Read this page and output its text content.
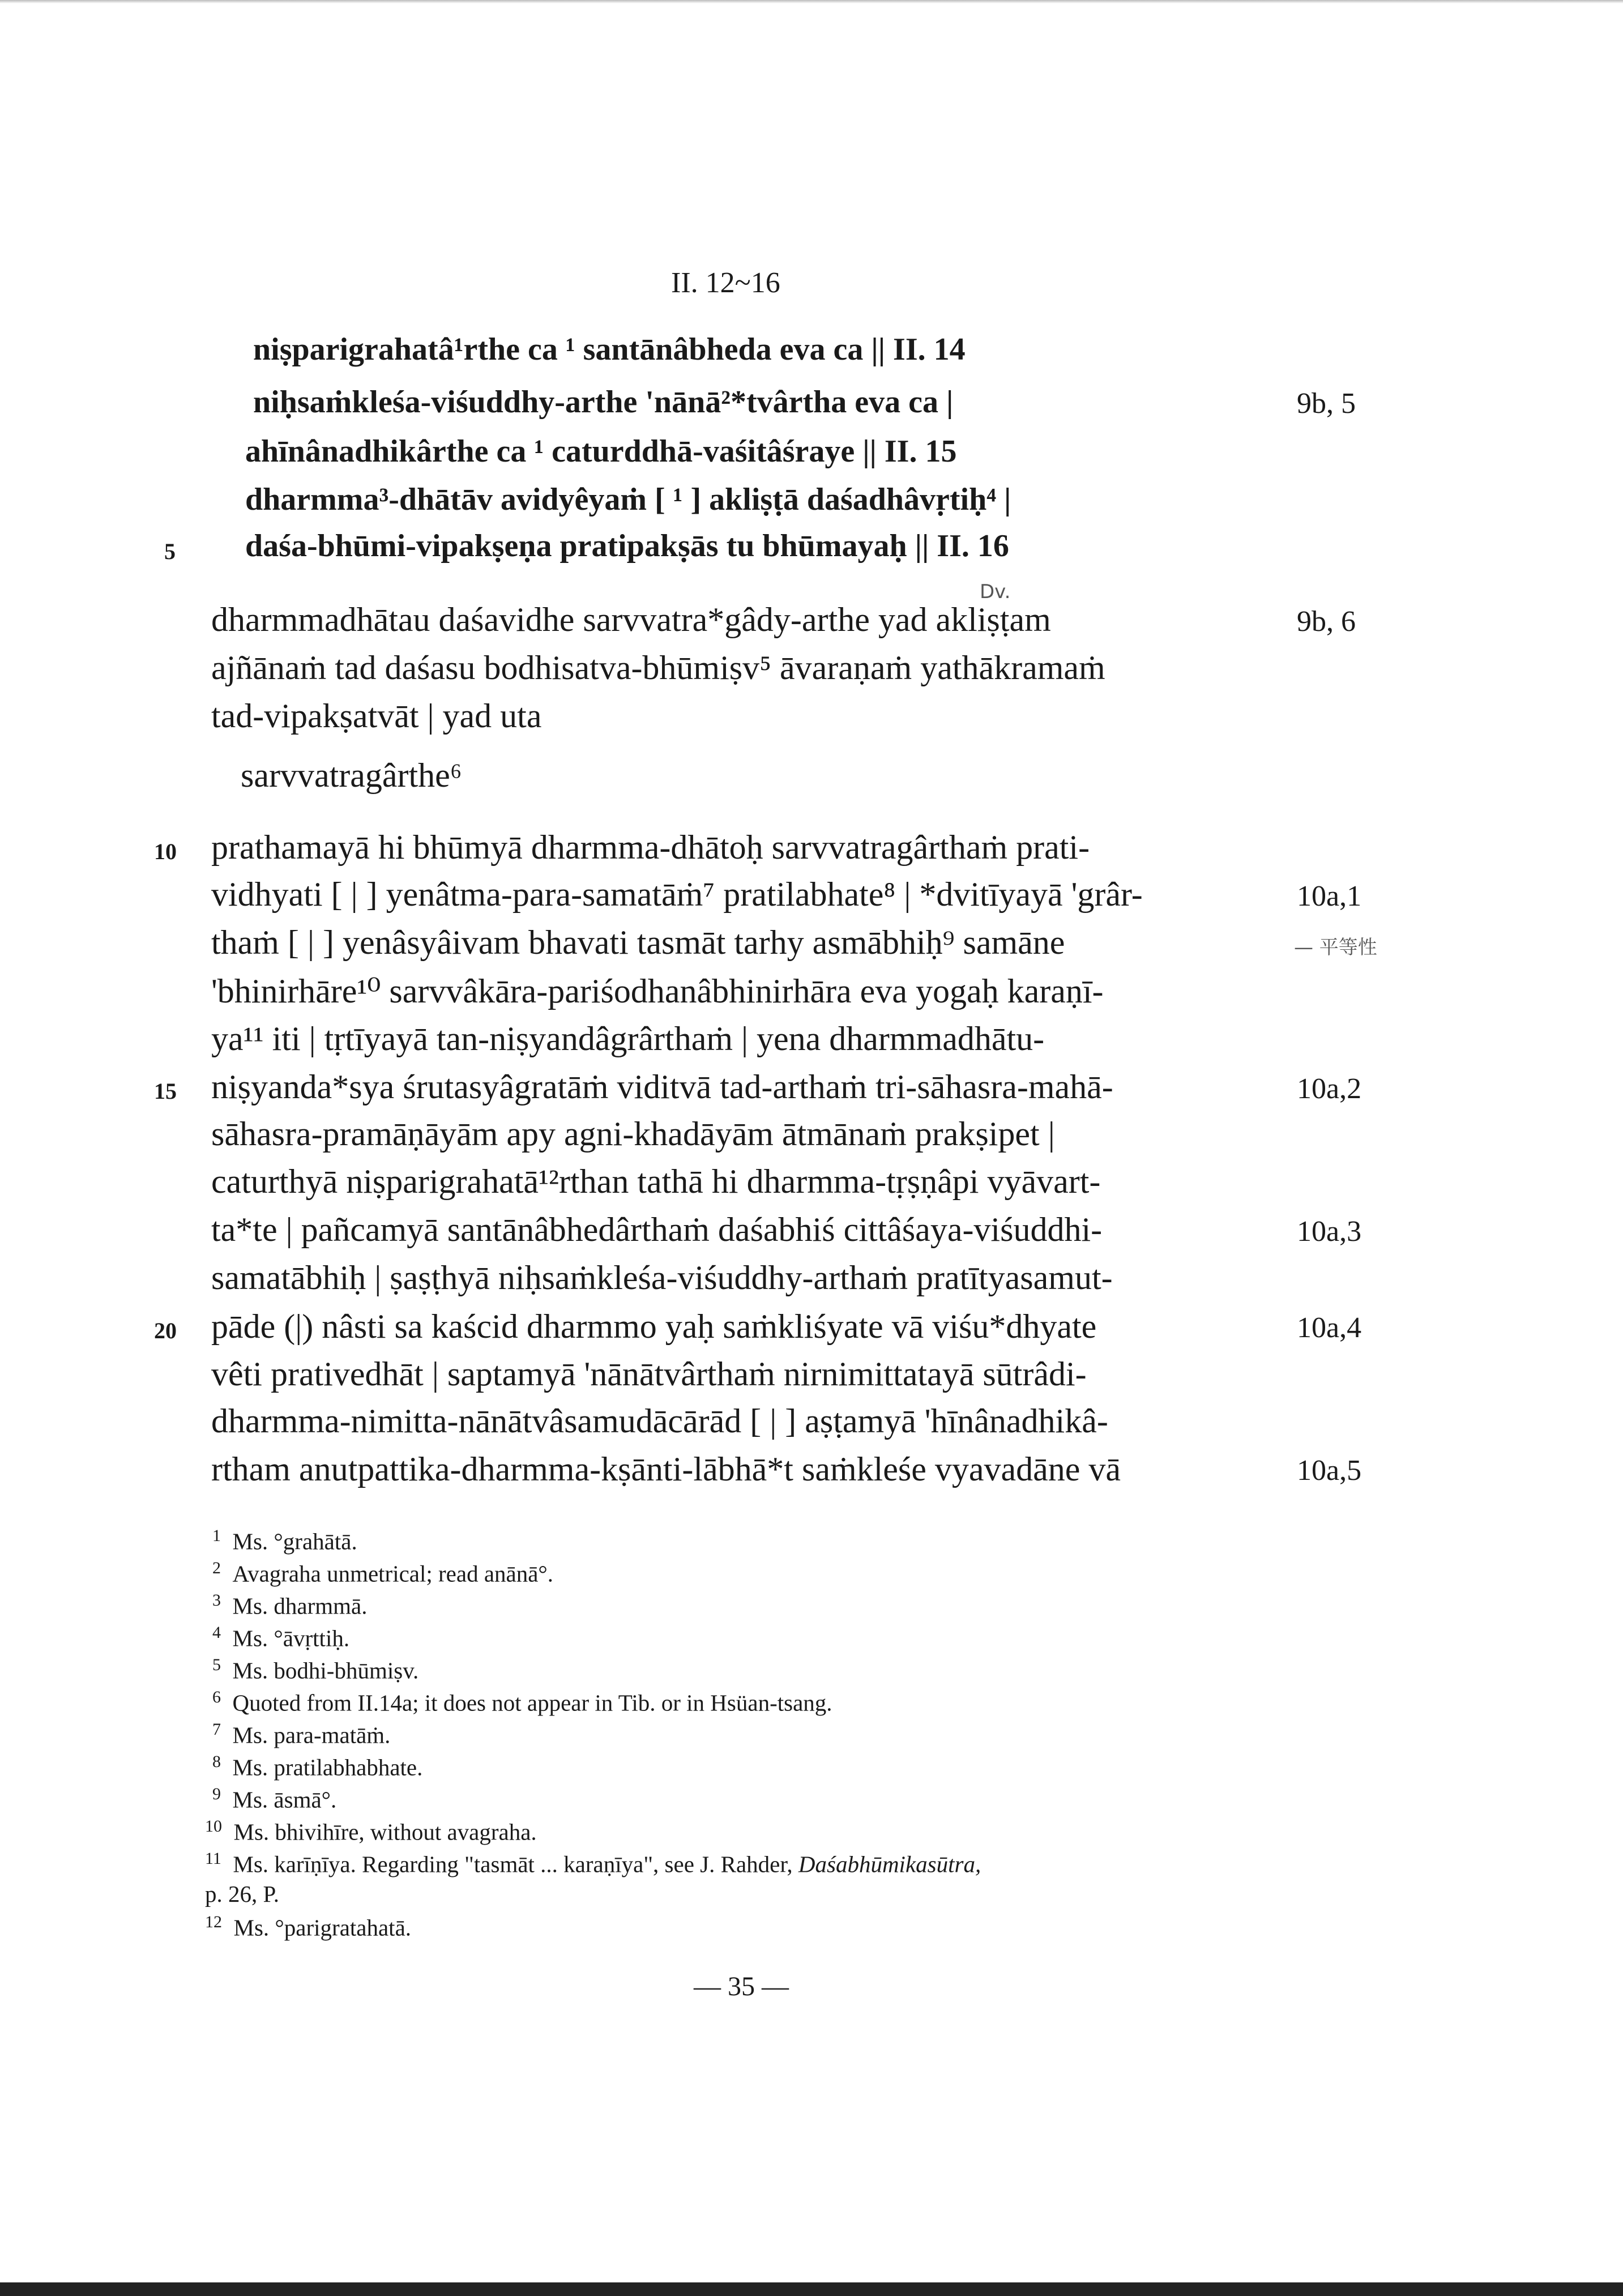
II. 12~16
niṣparigrahatâ¹rthe ca ¹ santānâbheda eva ca || II. 14
niḥsaṁkleśa-viśuddhy-arthe 'nānā²*tvârtha eva ca |
ahīnânadhikârthe ca ¹ caturddhā-vaśitâśraye || II. 15
dharmma³-dhātāv avidyêyaṁ [ ¹ ] akliṣṭā daśadhâvṛtiḥ⁴ |
daśa-bhūmi-vipakṣeṇa pratipakṣās tu bhūmayaḥ || II. 16
Dv.
dharmmadhātau daśavidhe sarvvatra*gâdy-arthe yad akliṣṭam
ajñānaṁ tad daśasu bodhisatva-bhūmiṣv⁵ āvaraṇaṁ yathākramaṁ
tad-vipakṣatvāt | yad uta
sarvvatragârthe⁶
prathamayā hi bhūmyā dharmma-dhātoḥ sarvvatragârthaṁ prati-
vidhyati [ | ] yenâtma-para-samatāṁ⁷ pratilabhate⁸ | *dvitīyayā 'grâr-
thaṁ [ | ] yenâsyâivam bhavati tasmāt tarhy asmābhiḥ⁹ samāne
'bhinirhāre¹⁰ sarvvâkāra-pariśodhanâbhinirhāra eva yogaḥ karaṇī-
ya¹¹ iti | tṛtīyayā tan-niṣyandâgrârthaṁ | yena dharmmadhātu-
niṣyanda*sya śrutasyâgratāṁ viditvā tad-arthaṁ tri-sāhasra-mahā-
sāhasra-pramāṇāyām apy agni-khadāyām ātmānaṁ prakṣipet |
caturthyā niṣparigrahatā¹²rthan tathā hi dharmma-tṛṣṇâpi vyāvart-
ta*te | pañcamyā santānâbhedârthaṁ daśabhiś cittâśaya-viśuddhi-
samatābhiḥ | ṣaṣṭhyā niḥsaṁkleśa-viśuddhy-arthaṁ pratītyasamut-
pāde (|) nâsti sa kaścid dharmmo yaḥ saṁkliśyate vā viśu*dhyate
vêti prativedhāt | saptamyā 'nānātvârthaṁ nirnimittatayā sūtrâdi-
dharmma-nimitta-nānātvâsamudācārād [ | ] aṣṭamyā 'hīnânadhikâ-
rtham anutpattika-dharmma-kṣānti-lābhā*t saṁkleśe vyavadāne vā
5
10
15
20
9b, 5
9b, 6
10a,1
10a,2
10a,3
10a,4
10a,5
— 平等性
$^1$ Ms. °grahātā.
$^2$ Avagraha unmetrical; read anānā°.
$^3$ Ms. dharmmā.
$^4$ Ms. °āvṛttiḥ.
$^5$ Ms. bodhi-bhūmiṣv.
$^6$ Quoted from II.14a; it does not appear in Tib. or in Hsüan-tsang.
$^7$ Ms. para-matāṁ.
$^8$ Ms. pratilabhabhate.
$^9$ Ms. āsmā°.
$^{10}$ Ms. bhivihīre, without avagraha.
$^{11}$ Ms. karīṇīya. Regarding "tasmāt ... karaṇīya", see J. Rahder, Daśabhūmikasūtra,
p. 26, P.
$^{12}$ Ms. °parigratahatā.
— 35 —
